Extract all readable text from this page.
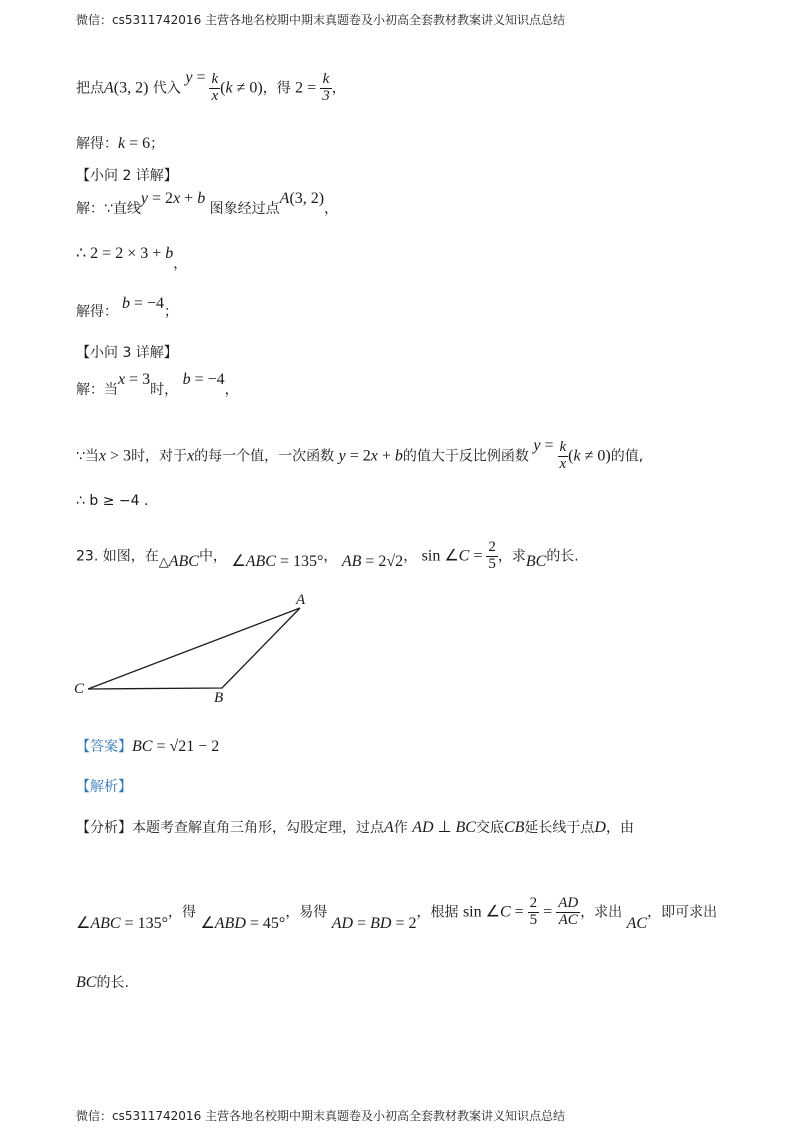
微信：cs5311742016 主营各地名校期中期末真题卷及小初高全套教材教案讲义知识点总结
把点A(3, 2) 代入 $y = \frac{k}{x} (k \ne 0)$，得 $2 = \frac{k}{3}$ ，
解得：k = 6；
【小问 2 详解】
解：∵直线y = 2x + b 图象经过点A(3, 2)，
∴ 2 = 2 × 3 + b，
解得： b = −4；
【小问 3 详解】
解：当x = 3时， b = −4，
∵当x > 3时，对于x的每一个值，一次函数 y = 2x + b的值大于反比例函数 $y = \frac{k}{x} (k \ne 0)$的值,
∴ b ≥ −4 .
23. 如图，在△ABC中， ∠ABC = 135°， AB = 2√2， sin ∠C = $\frac{2}{5}$ ，求BC的长.
A
B
C
【答案】BC = √21 − 2
【解析】
【分析】本题考查解直角三角形，勾股定理，过点A作 AD ⊥ BC交底CB延长线于点D，由
∠ABC = 135°，得 ∠ABD = 45°，易得 AD = BD = 2，根据 sin ∠C = $\frac{2}{5} = \frac{AD}{AC}$ ，求出 AC，即可求出
BC的长.
微信：cs5311742016 主营各地名校期中期末真题卷及小初高全套教材教案讲义知识点总结
